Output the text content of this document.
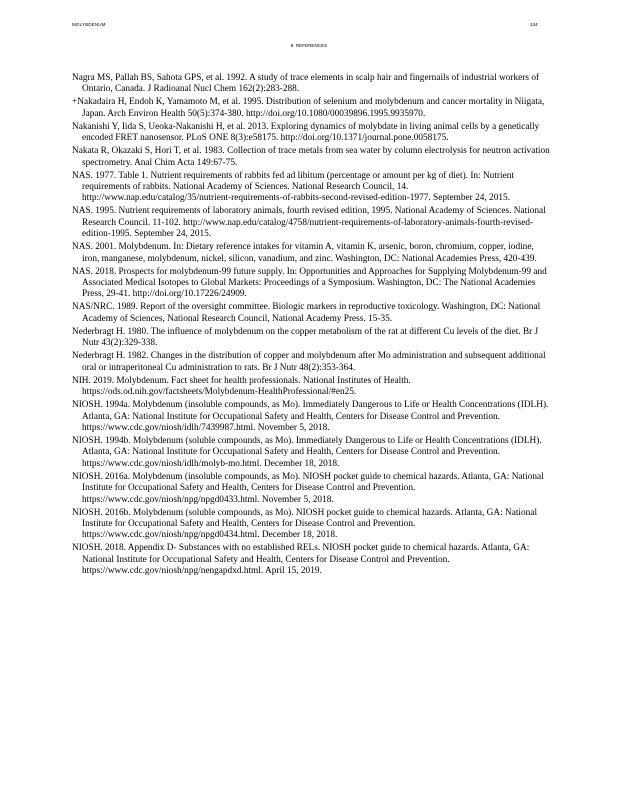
MOLYBDENUM	134
8. REFERENCES

Nagra MS, Pallah BS, Sahota GPS, et al. 1992. A study of trace elements in scalp hair and fingernails of industrial workers of Ontario, Canada. J Radioanal Nucl Chem 162(2):283-288.

+Nakadaira H, Endoh K, Yamamoto M, et al. 1995. Distribution of selenium and molybdenum and cancer mortality in Niigata, Japan. Arch Environ Health 50(5):374-380. http://doi.org/10.1080/00039896.1995.9935970.

Nakanishi Y, Iida S, Ueoka-Nakanishi H, et al. 2013. Exploring dynamics of molybdate in living animal cells by a genetically encoded FRET nanosensor. PLoS ONE 8(3):e58175. http://doi.org/10.1371/journal.pone.0058175.

Nakata R, Okazaki S, Hori T, et al. 1983. Collection of trace metals from sea water by column electrolysis for neutron activation spectrometry. Anal Chim Acta 149:67-75.

NAS. 1977. Table 1. Nutrient requirements of rabbits fed ad libitum (percentage or amount per kg of diet). In: Nutrient requirements of rabbits. National Academy of Sciences. National Research Council, 14. http://www.nap.edu/catalog/35/nutrient-requirements-of-rabbits-second-revised-edition-1977. September 24, 2015.

NAS. 1995. Nutrient requirements of laboratory animals, fourth revised edition, 1995. National Academy of Sciences. National Research Council. 11-102. http://www.nap.edu/catalog/4758/nutrient-requirements-of-laboratory-animals-fourth-revised-edition-1995. September 24, 2015.

NAS. 2001. Molybdenum. In: Dietary reference intakes for vitamin A, vitamin K, arsenic, boron, chromium, copper, iodine, iron, manganese, molybdenum, nickel, silicon, vanadium, and zinc. Washington, DC: National Academies Press, 420-439.

NAS. 2018. Prospects for molybdenum-99 future supply. In: Opportunities and Approaches for Supplying Molybdenum-99 and Associated Medical Isotopes to Global Markets: Proceedings of a Symposium. Washington, DC: The National Academies Press, 29-41. http://doi.org/10.17226/24909.

NAS/NRC. 1989. Report of the oversight committee. Biologic markers in reproductive toxicology. Washington, DC: National Academy of Sciences, National Research Council, National Academy Press. 15-35.

Nederbragt H. 1980. The influence of molybdenum on the copper metabolism of the rat at different Cu levels of the diet. Br J Nutr 43(2):329-338.

Nederbragt H. 1982. Changes in the distribution of copper and molybdenum after Mo administration and subsequent additional oral or intraperitoneal Cu administration to rats. Br J Nutr 48(2):353-364.

NIH. 2019. Molybdenum. Fact sheet for health professionals. National Institutes of Health. https://ods.od.nih.gov/factsheets/Molybdenum-HealthProfessional/#en25.

NIOSH. 1994a. Molybdenum (insoluble compounds, as Mo). Immediately Dangerous to Life or Health Concentrations (IDLH). Atlanta, GA: National Institute for Occupational Safety and Health, Centers for Disease Control and Prevention. https://www.cdc.gov/niosh/idlh/7439987.html. November 5, 2018.

NIOSH. 1994b. Molybdenum (soluble compounds, as Mo). Immediately Dangerous to Life or Health Concentrations (IDLH). Atlanta, GA: National Institute for Occupational Safety and Health, Centers for Disease Control and Prevention. https://www.cdc.gov/niosh/idlh/molyb-mo.html. December 18, 2018.

NIOSH. 2016a. Molybdenum (insoluble compounds, as Mo). NIOSH pocket guide to chemical hazards. Atlanta, GA: National Institute for Occupational Safety and Health, Centers for Disease Control and Prevention. https://www.cdc.gov/niosh/npg/npgd0433.html. November 5, 2018.

NIOSH. 2016b. Molybdenum (soluble compounds, as Mo). NIOSH pocket guide to chemical hazards. Atlanta, GA: National Institute for Occupational Safety and Health, Centers for Disease Control and Prevention. https://www.cdc.gov/niosh/npg/npgd0434.html. December 18, 2018.

NIOSH. 2018. Appendix D- Substances with no established RELs. NIOSH pocket guide to chemical hazards. Atlanta, GA: National Institute for Occupational Safety and Health, Centers for Disease Control and Prevention. https://www.cdc.gov/niosh/npg/nengapdxd.html. April 15, 2019.
